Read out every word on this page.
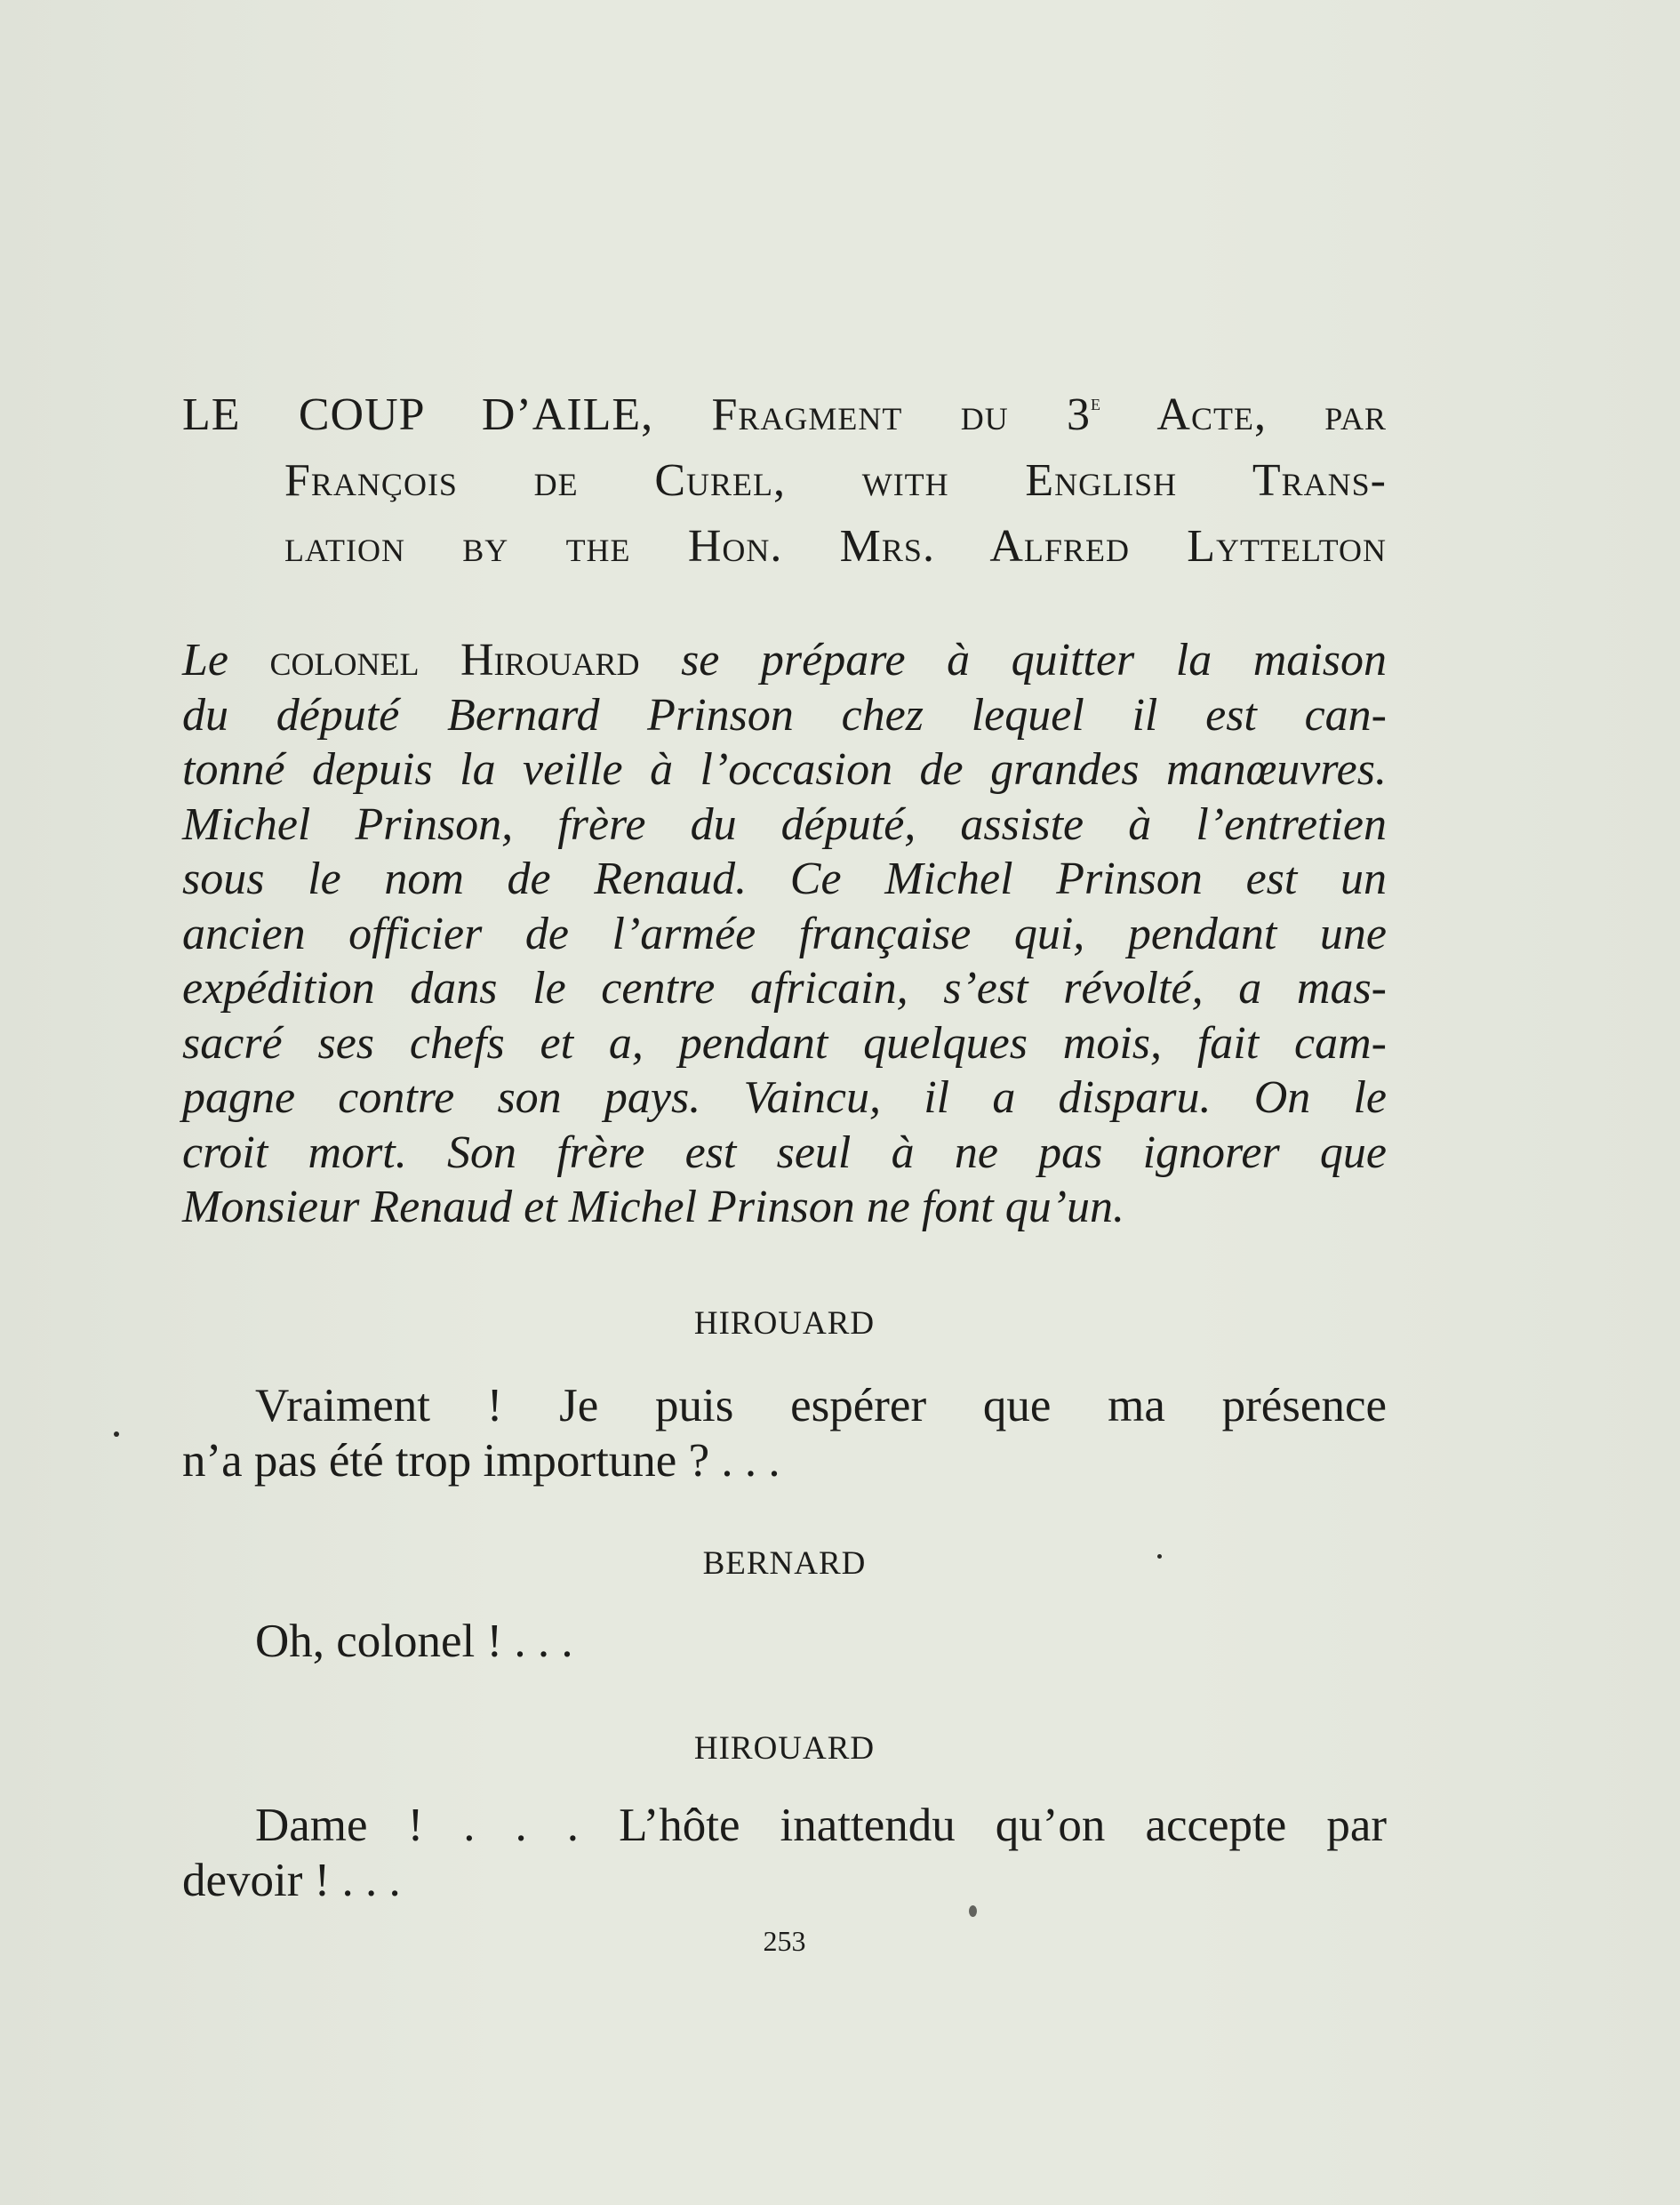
LE COUP D’AILE, Fragment du 3e Acte, par
François de Curel, with English Trans-
lation by the Hon. Mrs. Alfred Lyttelton
Le colonel Hirouard se prépare à quitter la maison
du député Bernard Prinson chez lequel il est can-
tonné depuis la veille à l’occasion de grandes manœuvres.
Michel Prinson, frère du député, assiste à l’entretien
sous le nom de Renaud. Ce Michel Prinson est un
ancien officier de l’armée française qui, pendant une
expédition dans le centre africain, s’est révolté, a mas-
sacré ses chefs et a, pendant quelques mois, fait cam-
pagne contre son pays. Vaincu, il a disparu. On le
croit mort. Son frère est seul à ne pas ignorer que
Monsieur Renaud et Michel Prinson ne font qu’un.
HIROUARD
Vraiment ! Je puis espérer que ma présence
n’a pas été trop importune ? . . .
BERNARD
Oh, colonel ! . . .
HIROUARD
Dame ! . . . L’hôte inattendu qu’on accepte par
devoir ! . . .
253
